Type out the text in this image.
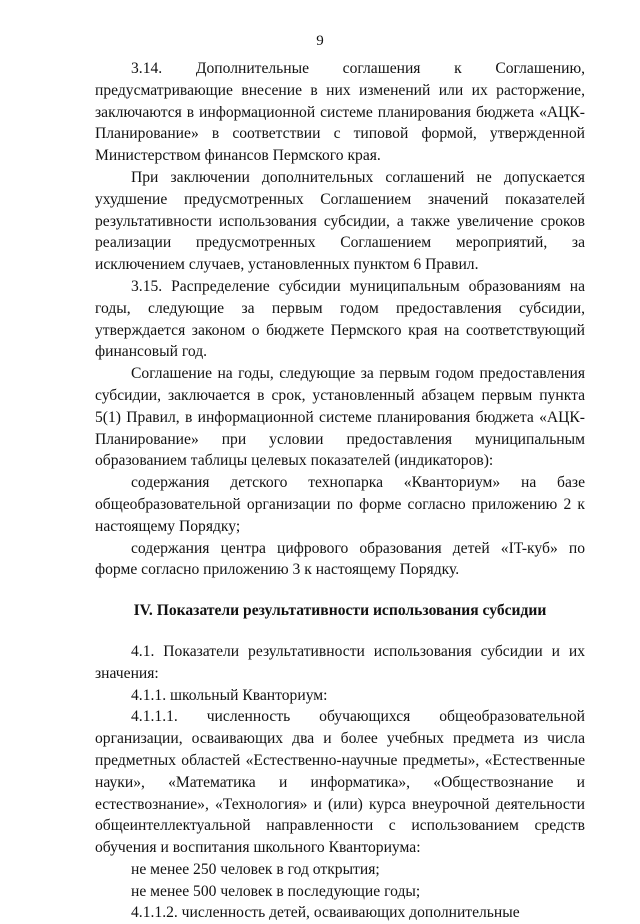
9

3.14. Дополнительные соглашения к Соглашению, предусматривающие внесение в них изменений или их расторжение, заключаются в информационной системе планирования бюджета «АЦК-Планирование» в соответствии с типовой формой, утвержденной Министерством финансов Пермского края.

При заключении дополнительных соглашений не допускается ухудшение предусмотренных Соглашением значений показателей результативности использования субсидии, а также увеличение сроков реализации предусмотренных Соглашением мероприятий, за исключением случаев, установленных пунктом 6 Правил.

3.15. Распределение субсидии муниципальным образованиям на годы, следующие за первым годом предоставления субсидии, утверждается законом о бюджете Пермского края на соответствующий финансовый год.

Соглашение на годы, следующие за первым годом предоставления субсидии, заключается в срок, установленный абзацем первым пункта 5(1) Правил, в информационной системе планирования бюджета «АЦК-Планирование» при условии предоставления муниципальным образованием таблицы целевых показателей (индикаторов):

содержания детского технопарка «Кванториум» на базе общеобразовательной организации по форме согласно приложению 2 к настоящему Порядку;

содержания центра цифрового образования детей «IT-куб» по форме согласно приложению 3 к настоящему Порядку.

IV. Показатели результативности использования субсидии

4.1. Показатели результативности использования субсидии и их значения:

4.1.1. школьный Кванториум:

4.1.1.1. численность обучающихся общеобразовательной организации, осваивающих два и более учебных предмета из числа предметных областей «Естественно-научные предметы», «Естественные науки», «Математика и информатика», «Обществознание и естествознание», «Технология» и (или) курса внеурочной деятельности общеинтеллектуальной направленности с использованием средств обучения и воспитания школьного Кванториума:

не менее 250 человек в год открытия;

не менее 500 человек в последующие годы;

4.1.1.2. численность детей, осваивающих дополнительные
